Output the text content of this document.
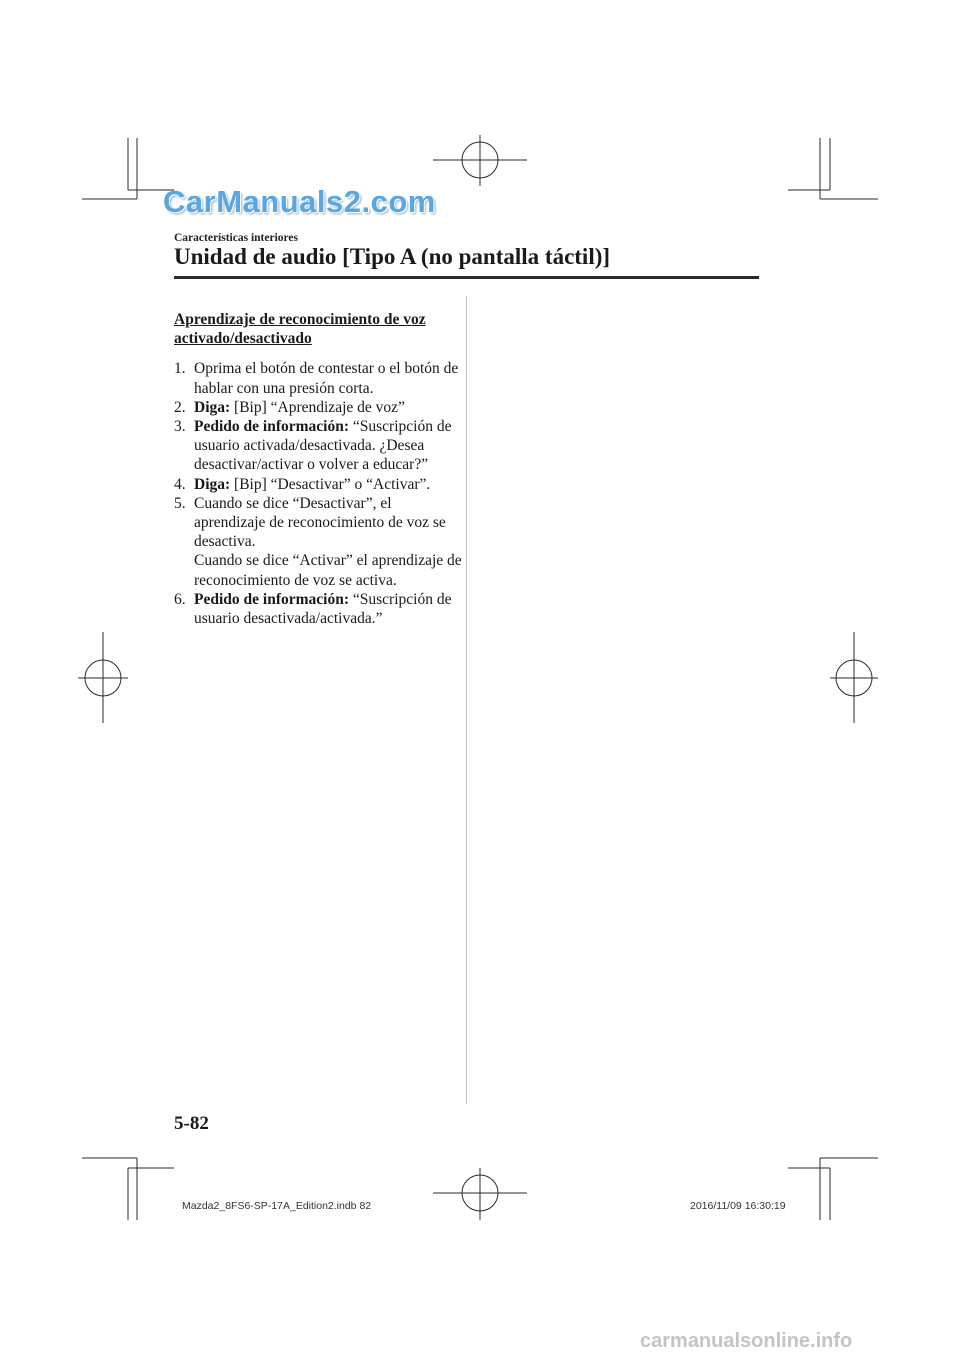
CarManuals2.com
Características interiores
Unidad de audio [Tipo A (no pantalla táctil)]
Aprendizaje de reconocimiento de voz
activado/desactivado
1. Oprima el botón de contestar o el botón de hablar con una presión corta.
2. Diga: [Bip] “Aprendizaje de voz”
3. Pedido de información: “Suscripción de usuario activada/desactivada. ¿Desea desactivar/activar o volver a educar?”
4. Diga: [Bip] “Desactivar” o “Activar”.
5. Cuando se dice “Desactivar”, el aprendizaje de reconocimiento de voz se desactiva.
Cuando se dice “Activar” el aprendizaje de reconocimiento de voz se activa.
6. Pedido de información: “Suscripción de usuario desactivada/activada.”
5-82
Mazda2_8FS6-SP-17A_Edition2.indb 82	2016/11/09 16:30:19
carmanualsonline.info
